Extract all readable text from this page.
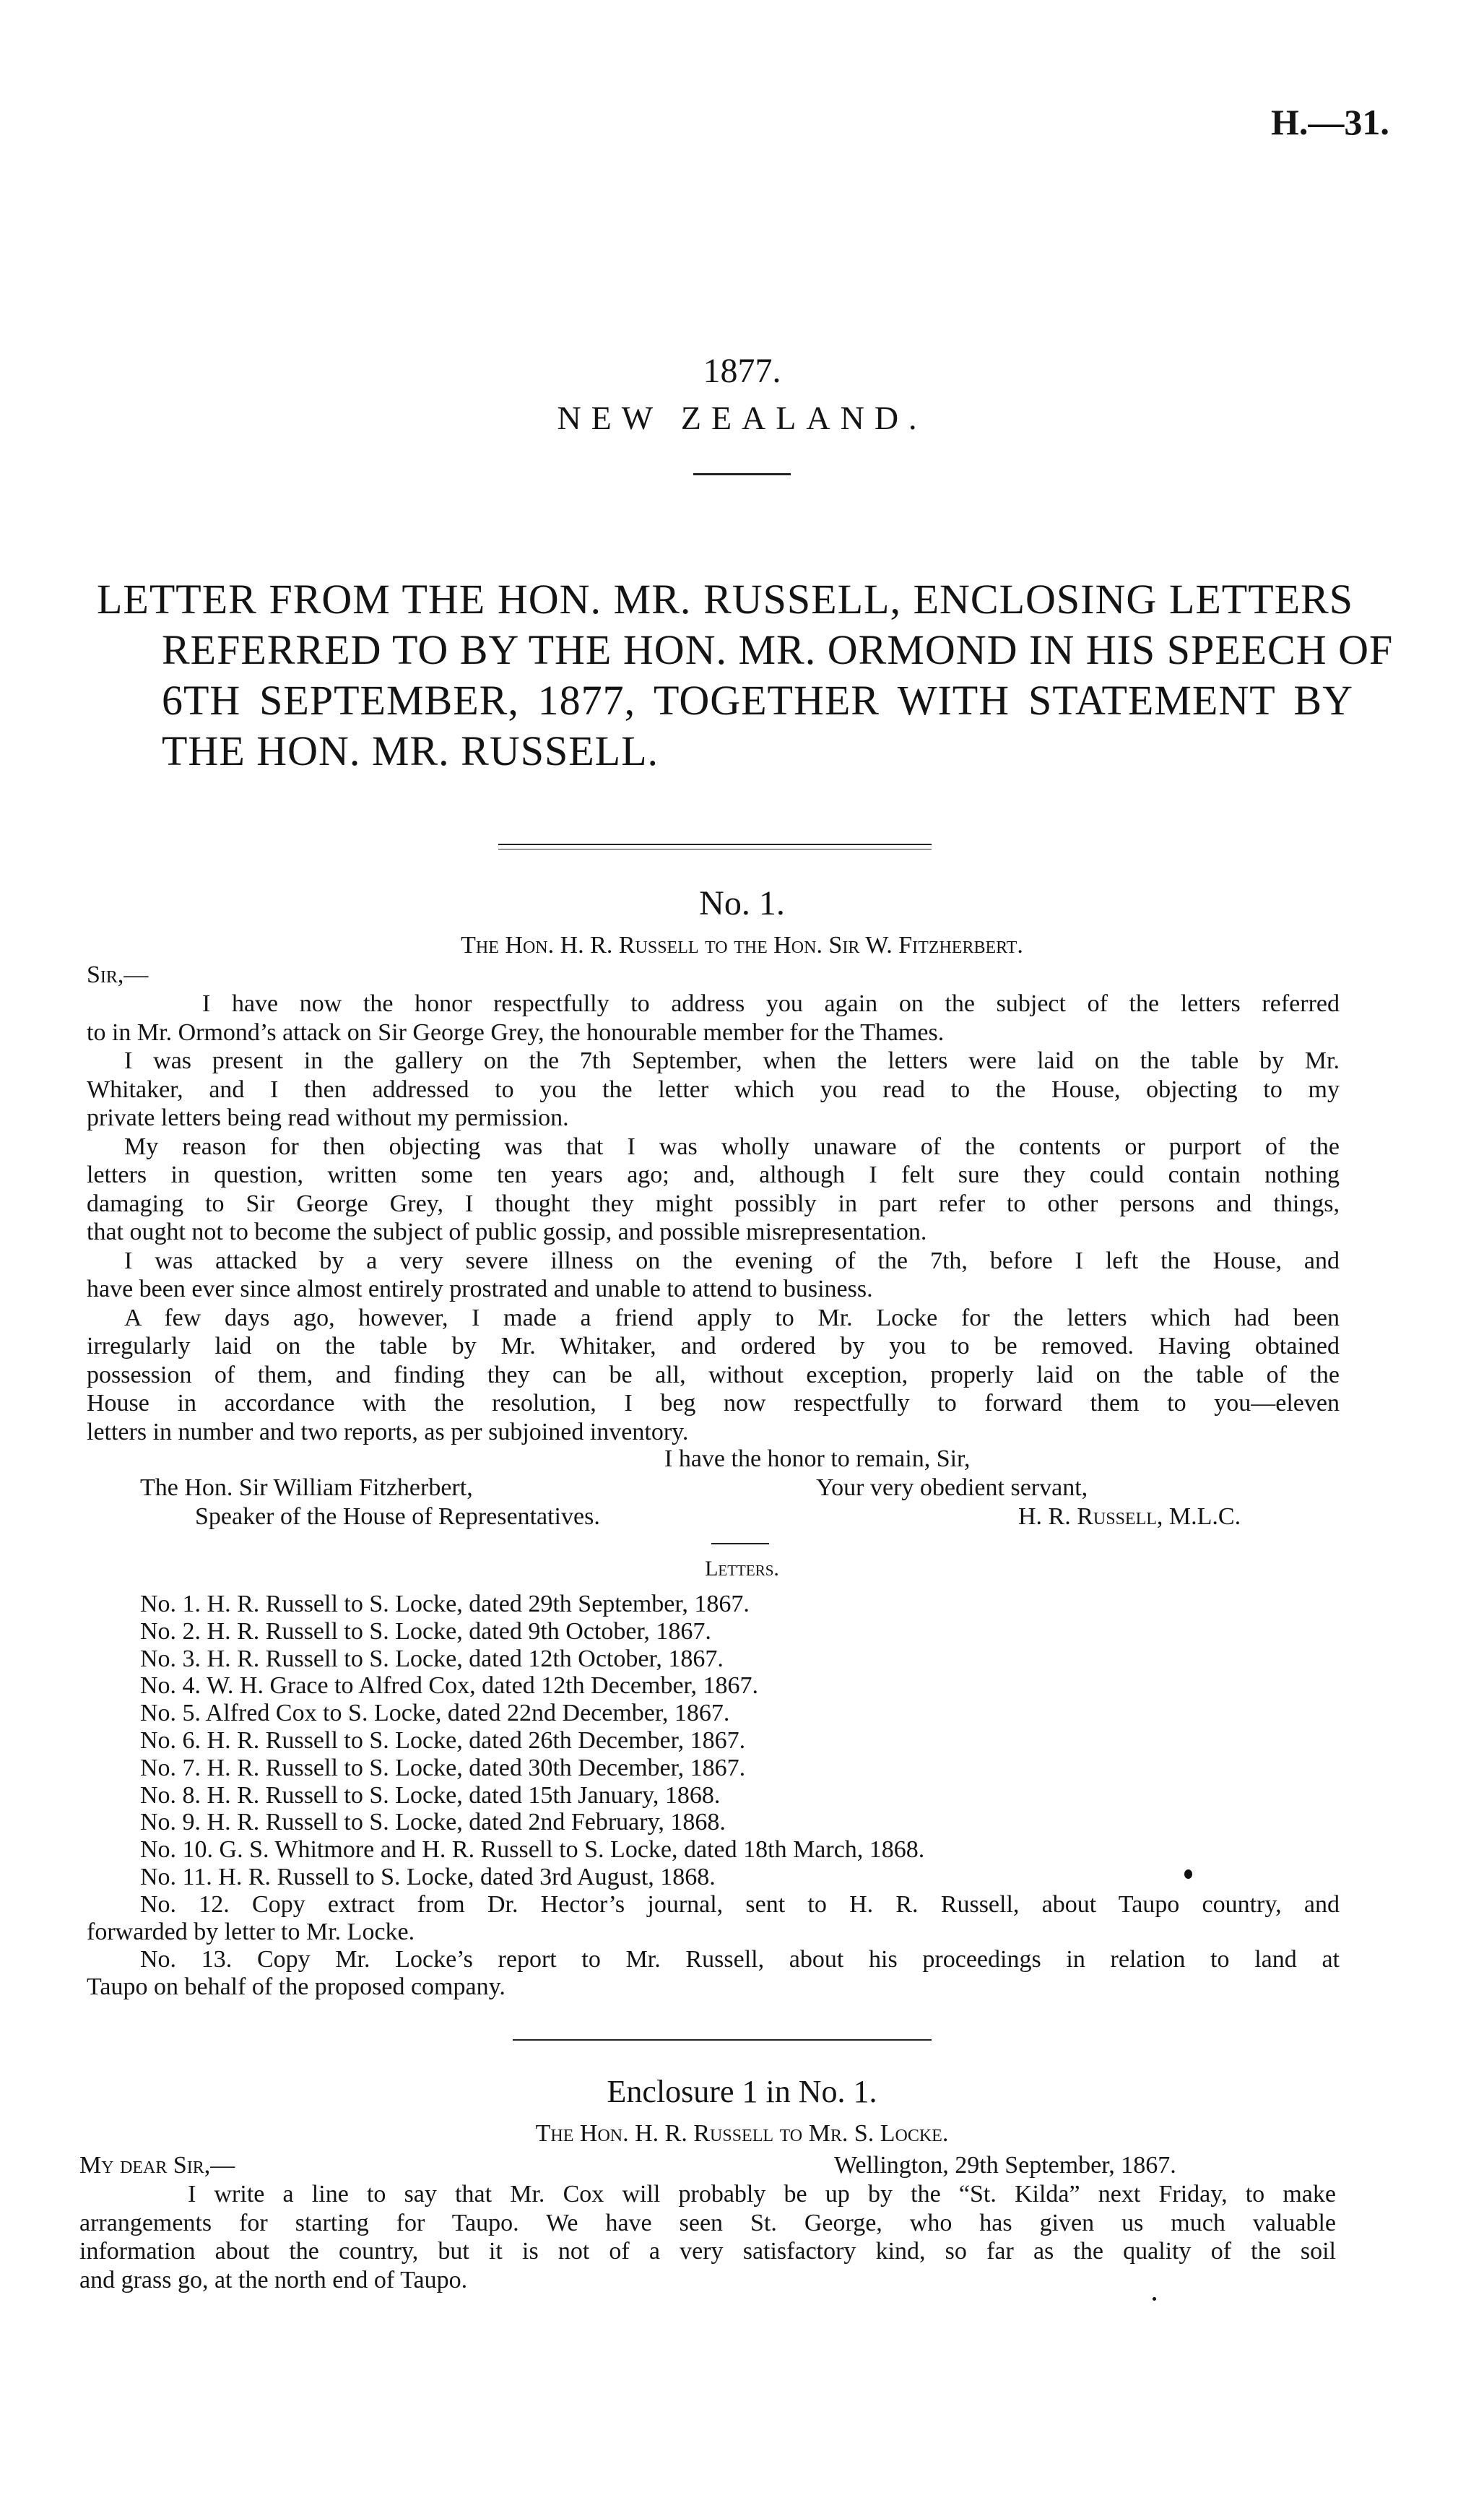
H.—31.
1877.
NEW ZEALAND.
LETTER FROM THE HON. MR. RUSSELL, ENCLOSING LETTERS
REFERRED TO BY THE HON. MR. ORMOND IN HIS SPEECH OF
6TH SEPTEMBER, 1877, TOGETHER WITH STATEMENT BY
THE HON. MR. RUSSELL.
No. 1.
The Hon. H. R. Russell to the Hon. Sir W. Fitzherbert.
Sir,—
I have now the honor respectfully to address you again on the subject of the letters referred
to in Mr. Ormond’s attack on Sir George Grey, the honourable member for the Thames.
I was present in the gallery on the 7th September, when the letters were laid on the table by Mr.
Whitaker, and I then addressed to you the letter which you read to the House, objecting to my
private letters being read without my permission.
My reason for then objecting was that I was wholly unaware of the contents or purport of the
letters in question, written some ten years ago; and, although I felt sure they could contain nothing
damaging to Sir George Grey, I thought they might possibly in part refer to other persons and things,
that ought not to become the subject of public gossip, and possible misrepresentation.
I was attacked by a very severe illness on the evening of the 7th, before I left the House, and
have been ever since almost entirely prostrated and unable to attend to business.
A few days ago, however, I made a friend apply to Mr. Locke for the letters which had been
irregularly laid on the table by Mr. Whitaker, and ordered by you to be removed. Having obtained
possession of them, and finding they can be all, without exception, properly laid on the table of the
House in accordance with the resolution, I beg now respectfully to forward them to you—eleven
letters in number and two reports, as per subjoined inventory.
I have the honor to remain, Sir,
The Hon. Sir William Fitzherbert,	Your very obedient servant,
Speaker of the House of Representatives.	H. R. Russell, M.L.C.
Letters.
No. 1. H. R. Russell to S. Locke, dated 29th September, 1867.
No. 2. H. R. Russell to S. Locke, dated 9th October, 1867.
No. 3. H. R. Russell to S. Locke, dated 12th October, 1867.
No. 4. W. H. Grace to Alfred Cox, dated 12th December, 1867.
No. 5. Alfred Cox to S. Locke, dated 22nd December, 1867.
No. 6. H. R. Russell to S. Locke, dated 26th December, 1867.
No. 7. H. R. Russell to S. Locke, dated 30th December, 1867.
No. 8. H. R. Russell to S. Locke, dated 15th January, 1868.
No. 9. H. R. Russell to S. Locke, dated 2nd February, 1868.
No. 10. G. S. Whitmore and H. R. Russell to S. Locke, dated 18th March, 1868.
No. 11. H. R. Russell to S. Locke, dated 3rd August, 1868.
No. 12. Copy extract from Dr. Hector’s journal, sent to H. R. Russell, about Taupo country, and
forwarded by letter to Mr. Locke.
No. 13. Copy Mr. Locke’s report to Mr. Russell, about his proceedings in relation to land at
Taupo on behalf of the proposed company.
Enclosure 1 in No. 1.
The Hon. H. R. Russell to Mr. S. Locke.
My dear Sir,—	Wellington, 29th September, 1867.
I write a line to say that Mr. Cox will probably be up by the “St. Kilda” next Friday, to make
arrangements for starting for Taupo. We have seen St. George, who has given us much valuable
information about the country, but it is not of a very satisfactory kind, so far as the quality of the soil
and grass go, at the north end of Taupo.
